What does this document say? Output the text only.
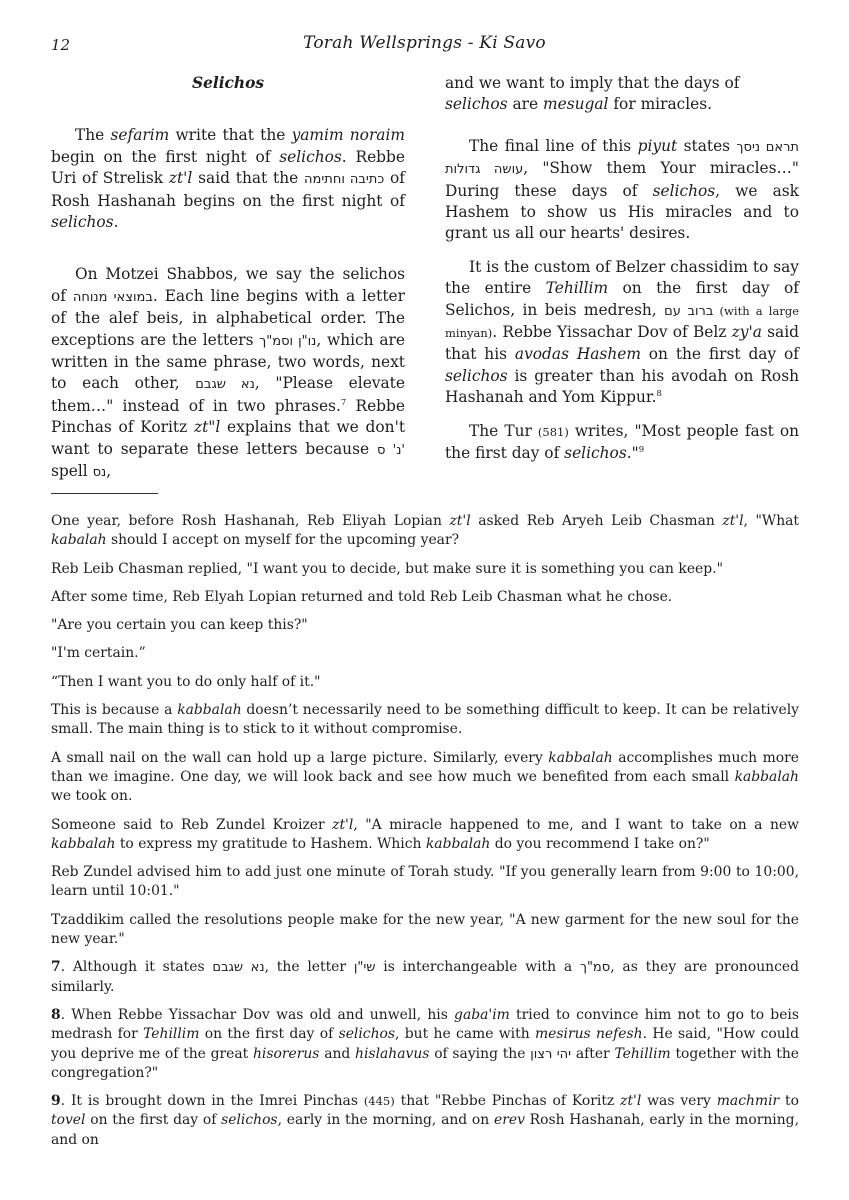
12	Torah Wellsprings - Ki Savo
Selichos

The sefarim write that the yamim noraim begin on the first night of selichos. Rebbe Uri of Strelisk zt'l said that the כתיבה וחתימה of Rosh Hashanah begins on the first night of selichos.

On Motzei Shabbos, we say the selichos of במוצאי מנוחה. Each line begins with a letter of the alef beis, in alphabetical order. The exceptions are the letters נו"ן וסמ"ך, which are written in the same phrase, two words, next to each other, נא שגבם, "Please elevate them…" instead of in two phrases.$^7$ Rebbe Pinchas of Koritz zt"l explains that we don't want to separate these letters because נ' ס' spell נס,

and we want to imply that the days of selichos are mesugal for miracles.

The final line of this piyut states תראם ניסך עושה גדולות, "Show them Your miracles…" During these days of selichos, we ask Hashem to show us His miracles and to grant us all our hearts' desires.

It is the custom of Belzer chassidim to say the entire Tehillim on the first day of Selichos, in beis medresh, ברוב עם (with a large minyan). Rebbe Yissachar Dov of Belz zy'a said that his avodas Hashem on the first day of selichos is greater than his avodah on Rosh Hashanah and Yom Kippur.$^8$

The Tur (581) writes, "Most people fast on the first day of selichos."$^9$

One year, before Rosh Hashanah, Reb Eliyah Lopian zt'l asked Reb Aryeh Leib Chasman zt'l, "What kabalah should I accept on myself for the upcoming year?

Reb Leib Chasman replied, "I want you to decide, but make sure it is something you can keep."

After some time, Reb Elyah Lopian returned and told Reb Leib Chasman what he chose.

"Are you certain you can keep this?"

"I'm certain.”

“Then I want you to do only half of it."

This is because a kabbalah doesn’t necessarily need to be something difficult to keep. It can be relatively small. The main thing is to stick to it without compromise.

A small nail on the wall can hold up a large picture. Similarly, every kabbalah accomplishes much more than we imagine. One day, we will look back and see how much we benefited from each small kabbalah we took on.

Someone said to Reb Zundel Kroizer zt'l, "A miracle happened to me, and I want to take on a new kabbalah to express my gratitude to Hashem. Which kabbalah do you recommend I take on?"

Reb Zundel advised him to add just one minute of Torah study. "If you generally learn from 9:00 to 10:00, learn until 10:01."

Tzaddikim called the resolutions people make for the new year, "A new garment for the new soul for the new year."

7. Although it states נא שגבם, the letter שי"ן is interchangeable with a סמ"ך, as they are pronounced similarly.

8. When Rebbe Yissachar Dov was old and unwell, his gaba'im tried to convince him not to go to beis medrash for Tehillim on the first day of selichos, but he came with mesirus nefesh. He said, "How could you deprive me of the great hisorerus and hislahavus of saying the יהי רצון after Tehillim together with the congregation?"

9. It is brought down in the Imrei Pinchas (445) that "Rebbe Pinchas of Koritz zt'l was very machmir to tovel on the first day of selichos, early in the morning, and on erev Rosh Hashanah, early in the morning, and on
